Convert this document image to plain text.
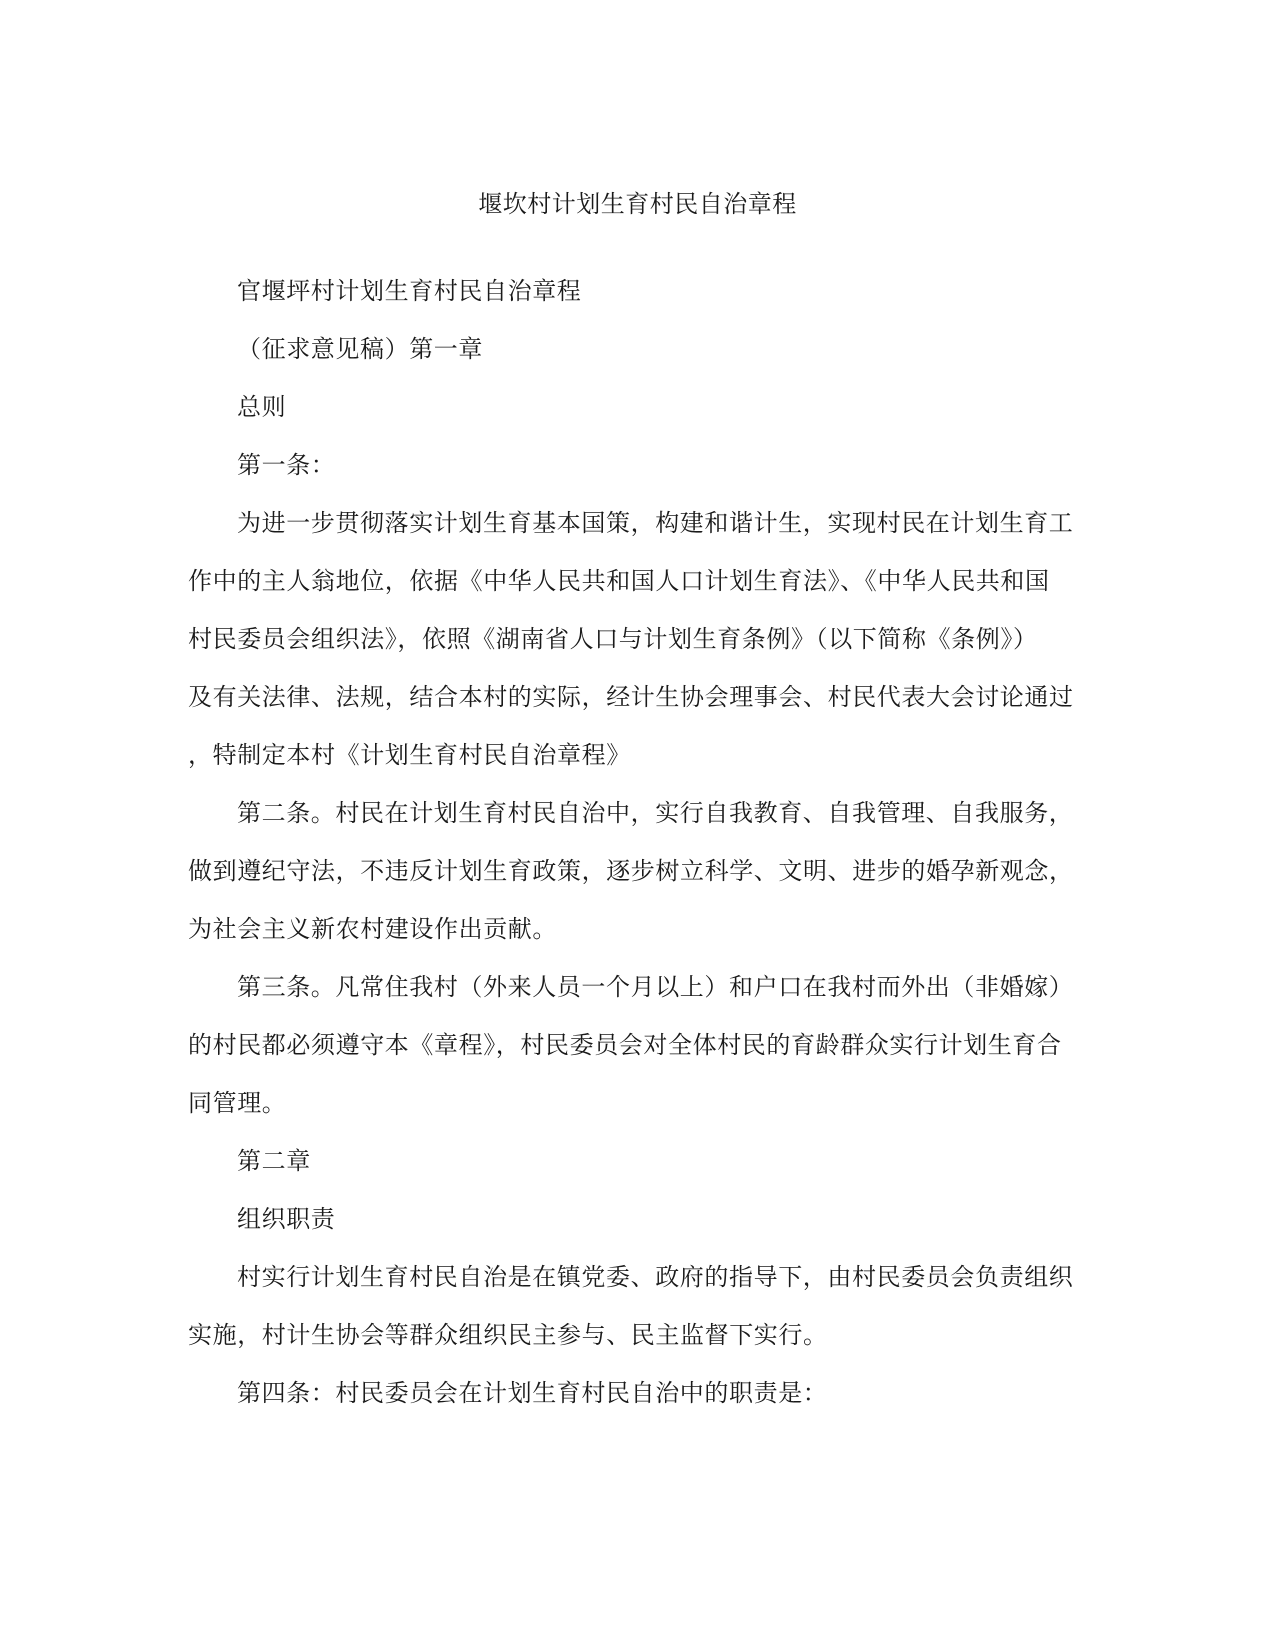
堰坎村计划生育村民自治章程
官堰坪村计划生育村民自治章程
（征求意见稿）第一章
总则
第一条：
为进一步贯彻落实计划生育基本国策，构建和谐计生，实现村民在计划生育工
作中的主人翁地位，依据《中华人民共和国人口计划生育法》、《中华人民共和国
村民委员会组织法》，依照《湖南省人口与计划生育条例》（以下简称《条例》）
及有关法律、法规，结合本村的实际，经计生协会理事会、村民代表大会讨论通过
，特制定本村《计划生育村民自治章程》
第二条。村民在计划生育村民自治中，实行自我教育、自我管理、自我服务，
做到遵纪守法，不违反计划生育政策，逐步树立科学、文明、进步的婚孕新观念，
为社会主义新农村建设作出贡献。
第三条。凡常住我村（外来人员一个月以上）和户口在我村而外出（非婚嫁）
的村民都必须遵守本《章程》，村民委员会对全体村民的育龄群众实行计划生育合
同管理。
第二章
组织职责
村实行计划生育村民自治是在镇党委、政府的指导下，由村民委员会负责组织
实施，村计生协会等群众组织民主参与、民主监督下实行。
第四条：村民委员会在计划生育村民自治中的职责是：
